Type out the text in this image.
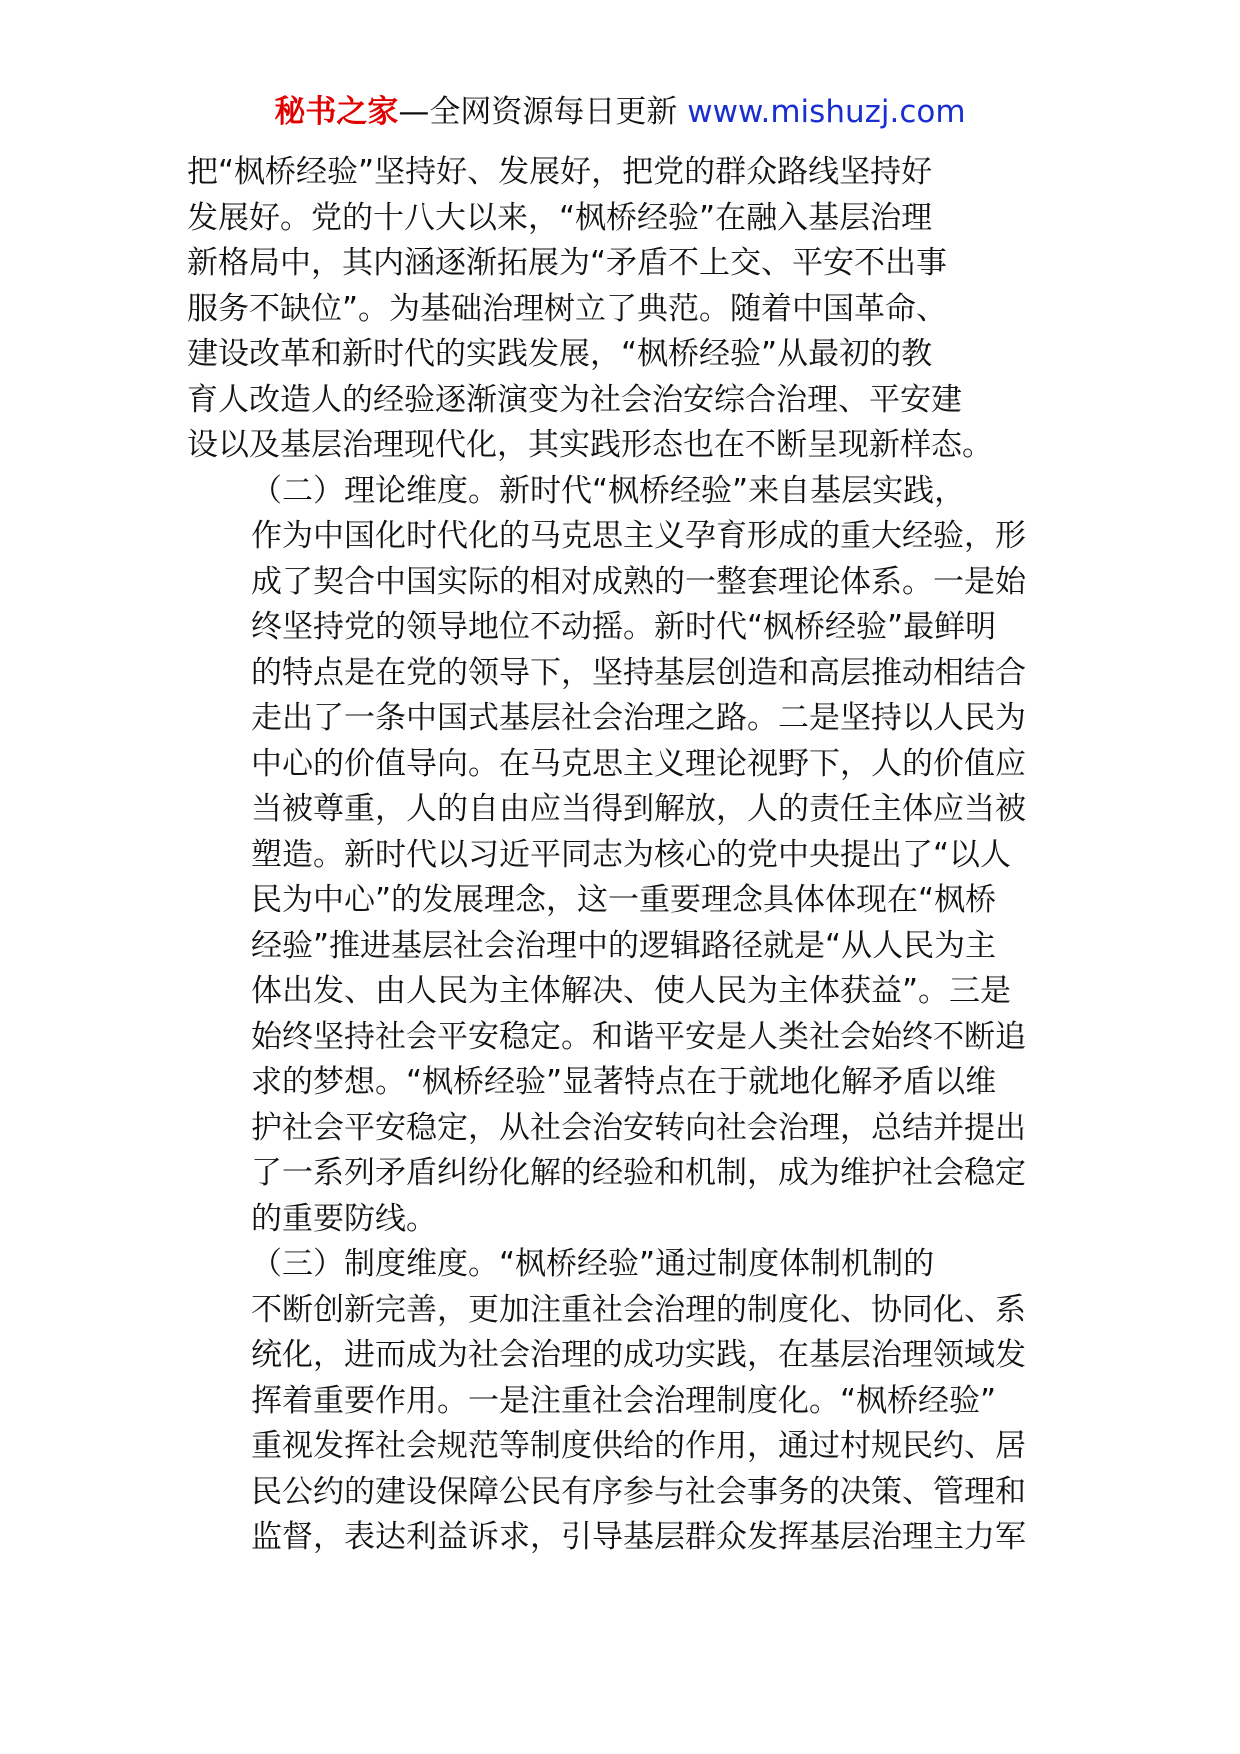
秘书之家—全网资源每日更新 www.mishuzj.com

把“枫桥经验”坚持好、发展好，把党的群众路线坚持好
发展好。党的十八大以来，“枫桥经验”在融入基层治理
新格局中，其内涵逐渐拓展为“矛盾不上交、平安不出事
服务不缺位”。为基础治理树立了典范。随着中国革命、
建设改革和新时代的实践发展，“枫桥经验”从最初的教
育人改造人的经验逐渐演变为社会治安综合治理、平安建
设以及基层治理现代化，其实践形态也在不断呈现新样态。

（二）理论维度。新时代“枫桥经验”来自基层实践，
作为中国化时代化的马克思主义孕育形成的重大经验，形
成了契合中国实际的相对成熟的一整套理论体系。一是始
终坚持党的领导地位不动摇。新时代“枫桥经验”最鲜明
的特点是在党的领导下，坚持基层创造和高层推动相结合
走出了一条中国式基层社会治理之路。二是坚持以人民为
中心的价值导向。在马克思主义理论视野下，人的价值应
当被尊重，人的自由应当得到解放，人的责任主体应当被
塑造。新时代以习近平同志为核心的党中央提出了“以人
民为中心”的发展理念，这一重要理念具体体现在“枫桥
经验”推进基层社会治理中的逻辑路径就是“从人民为主
体出发、由人民为主体解决、使人民为主体获益”。三是
始终坚持社会平安稳定。和谐平安是人类社会始终不断追
求的梦想。“枫桥经验”显著特点在于就地化解矛盾以维
护社会平安稳定，从社会治安转向社会治理，总结并提出
了一系列矛盾纠纷化解的经验和机制，成为维护社会稳定
的重要防线。

（三）制度维度。“枫桥经验”通过制度体制机制的
不断创新完善，更加注重社会治理的制度化、协同化、系
统化，进而成为社会治理的成功实践，在基层治理领域发
挥着重要作用。一是注重社会治理制度化。“枫桥经验”
重视发挥社会规范等制度供给的作用，通过村规民约、居
民公约的建设保障公民有序参与社会事务的决策、管理和
监督，表达利益诉求，引导基层群众发挥基层治理主力军
